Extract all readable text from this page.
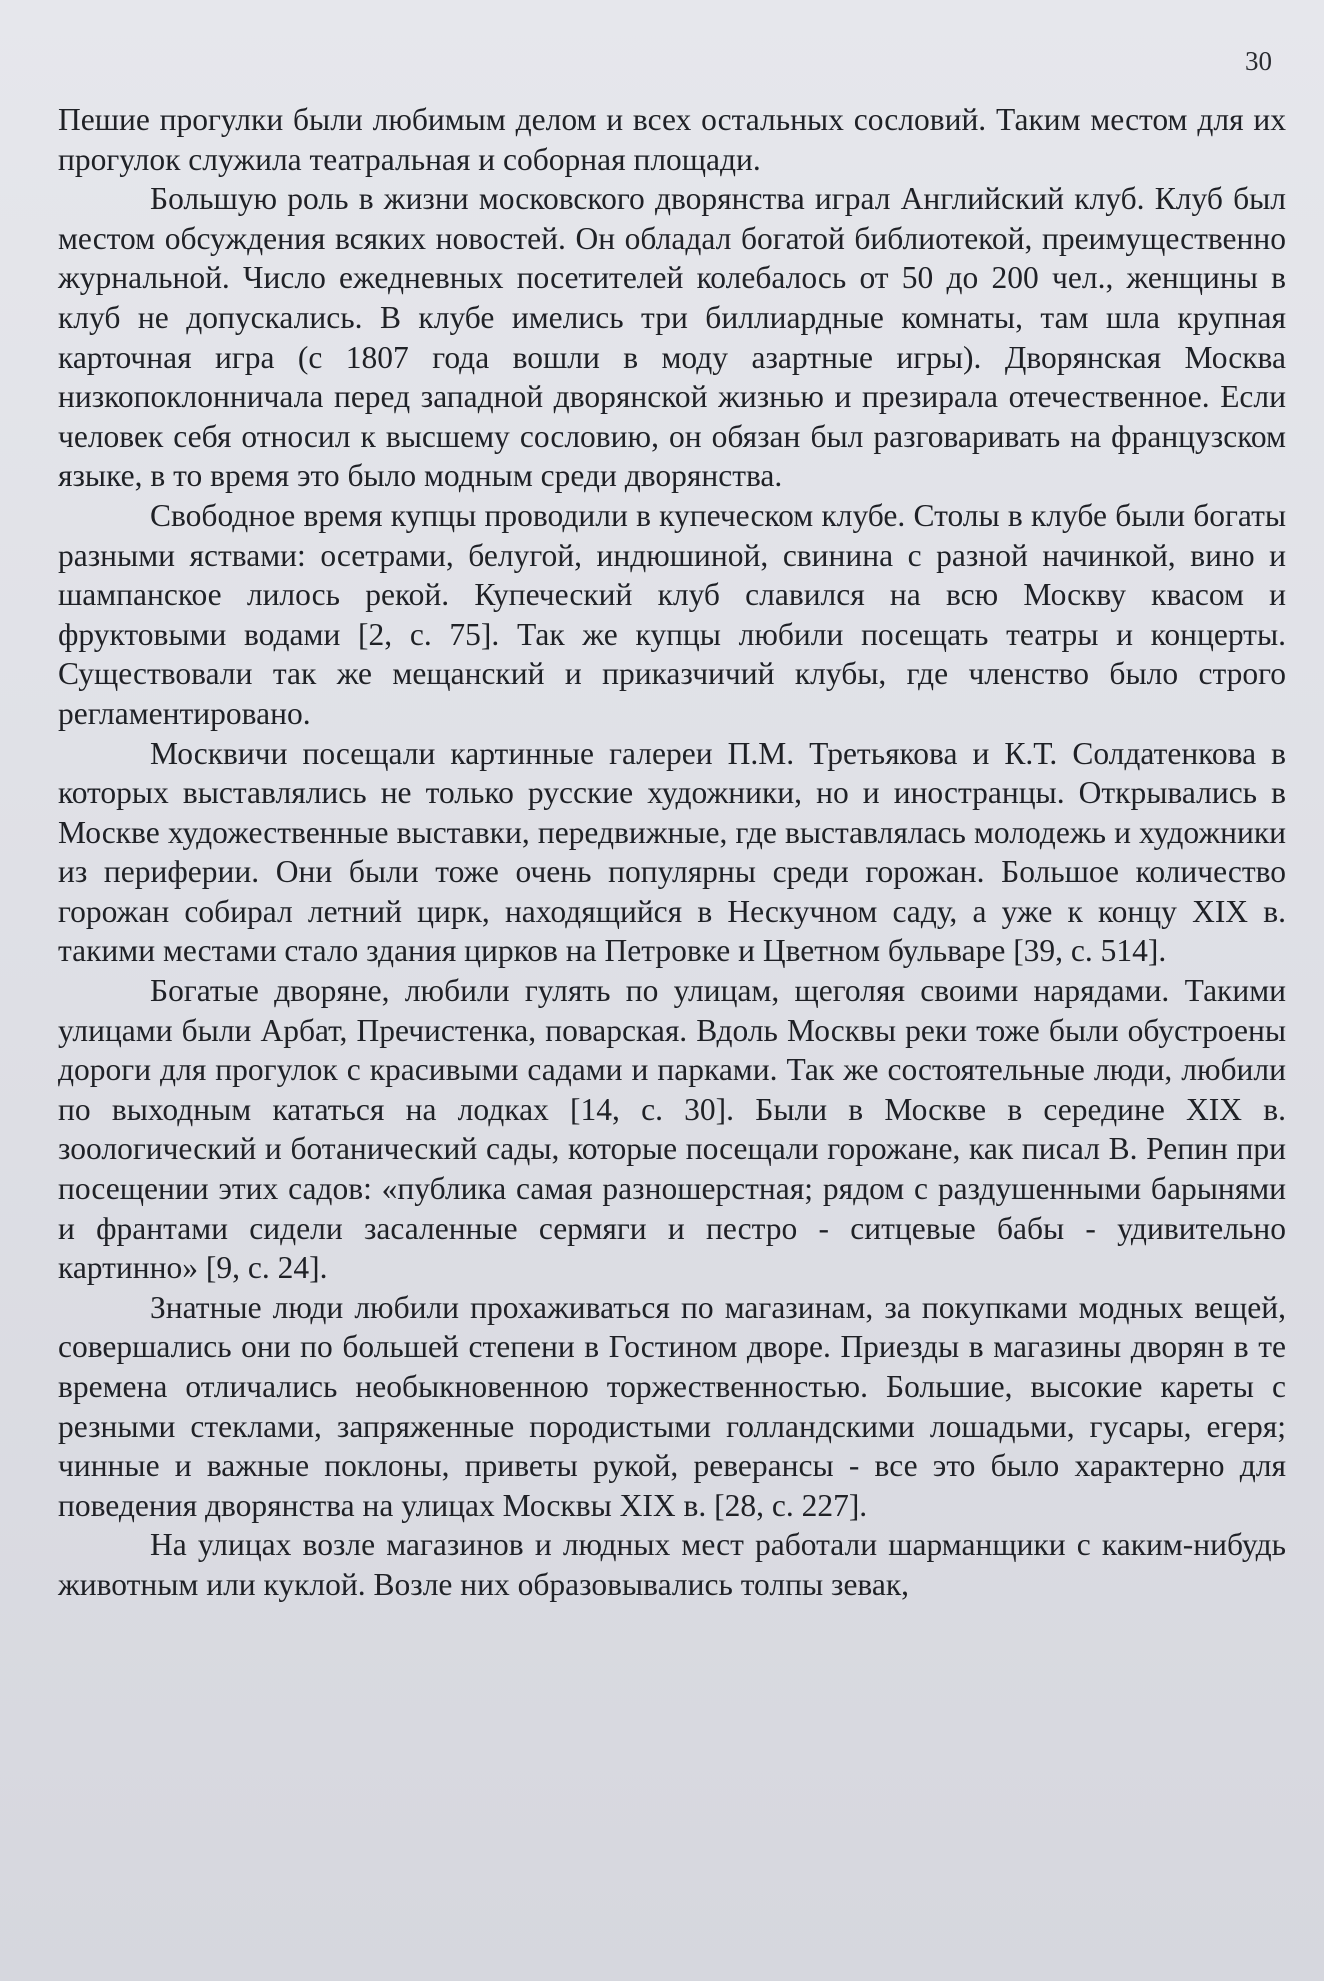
30

Пешие прогулки были любимым делом и всех остальных сословий. Таким местом для их прогулок служила театральная и соборная площади.

Большую роль в жизни московского дворянства играл Английский клуб. Клуб был местом обсуждения всяких новостей. Он обладал богатой библиотекой, преимущественно журнальной. Число ежедневных посетителей колебалось от 50 до 200 чел., женщины в клуб не допускались. В клубе имелись три биллиардные комнаты, там шла крупная карточная игра (с 1807 года вошли в моду азартные игры). Дворянская Москва низкопоклонничала перед западной дворянской жизнью и презирала отечественное. Если человек себя относил к высшему сословию, он обязан был разговаривать на французском языке, в то время это было модным среди дворянства.

Свободное время купцы проводили в купеческом клубе. Столы в клубе были богаты разными яствами: осетрами, белугой, индюшиной, свинина с разной начинкой, вино и шампанское лилось рекой. Купеческий клуб славился на всю Москву квасом и фруктовыми водами [2, с. 75]. Так же купцы любили посещать театры и концерты. Существовали так же мещанский и приказчичий клубы, где членство было строго регламентировано.

Москвичи посещали картинные галереи П.М. Третьякова и К.Т. Солдатенкова в которых выставлялись не только русские художники, но и иностранцы. Открывались в Москве художественные выставки, передвижные, где выставлялась молодежь и художники из периферии. Они были тоже очень популярны среди горожан. Большое количество горожан собирал летний цирк, находящийся в Нескучном саду, а уже к концу XIX в. такими местами стало здания цирков на Петровке и Цветном бульваре [39, с. 514].

Богатые дворяне, любили гулять по улицам, щеголяя своими нарядами. Такими улицами были Арбат, Пречистенка, поварская. Вдоль Москвы реки тоже были обустроены дороги для прогулок с красивыми садами и парками. Так же состоятельные люди, любили по выходным кататься на лодках [14, с. 30]. Были в Москве в середине XIX в. зоологический и ботанический сады, которые посещали горожане, как писал В. Репин при посещении этих садов: «публика самая разношерстная; рядом с раздушенными барынями и франтами сидели засаленные сермяги и пестро - ситцевые бабы - удивительно картинно» [9, с. 24].

Знатные люди любили прохаживаться по магазинам, за покупками модных вещей, совершались они по большей степени в Гостином дворе. Приезды в магазины дворян в те времена отличались необыкновенною торжественностью. Большие, высокие кареты с резными стеклами, запряженные породистыми голландскими лошадьми, гусары, егеря; чинные и важные поклоны, приветы рукой, реверансы - все это было характерно для поведения дворянства на улицах Москвы XIX в. [28, с. 227].

На улицах возле магазинов и людных мест работали шарманщики с каким-нибудь животным или куклой. Возле них образовывались толпы зевак,
